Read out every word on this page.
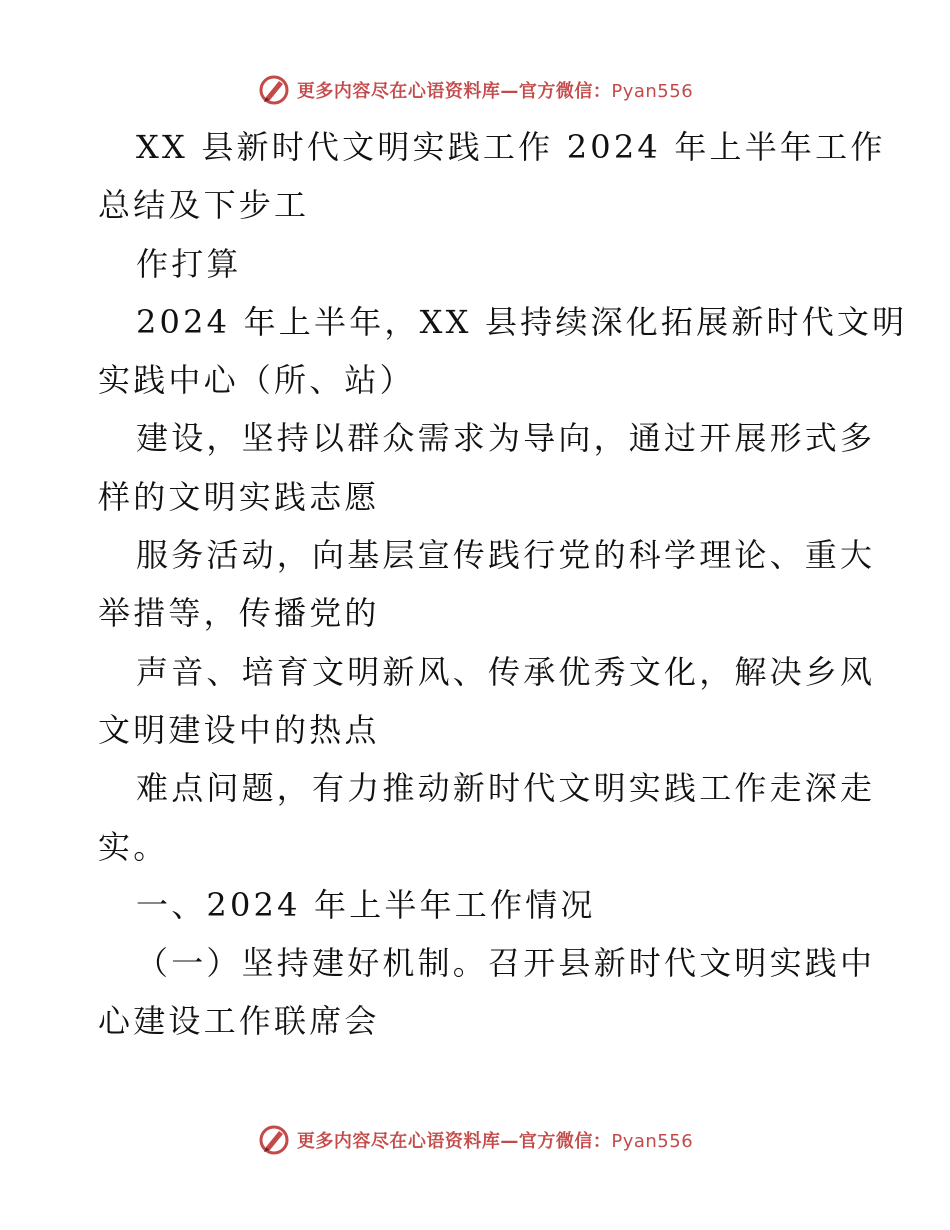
更多内容尽在心语资料库—官方微信：Pyan556
XX 县新时代文明实践工作 2024 年上半年工作
总结及下步工
作打算
2024 年上半年，XX 县持续深化拓展新时代文明
实践中心（所、站）
建设，坚持以群众需求为导向，通过开展形式多
样的文明实践志愿
服务活动，向基层宣传践行党的科学理论、重大
举措等，传播党的
声音、培育文明新风、传承优秀文化，解决乡风
文明建设中的热点
难点问题，有力推动新时代文明实践工作走深走
实。
一、2024 年上半年工作情况
（一）坚持建好机制。召开县新时代文明实践中
心建设工作联席会
更多内容尽在心语资料库—官方微信：Pyan556
